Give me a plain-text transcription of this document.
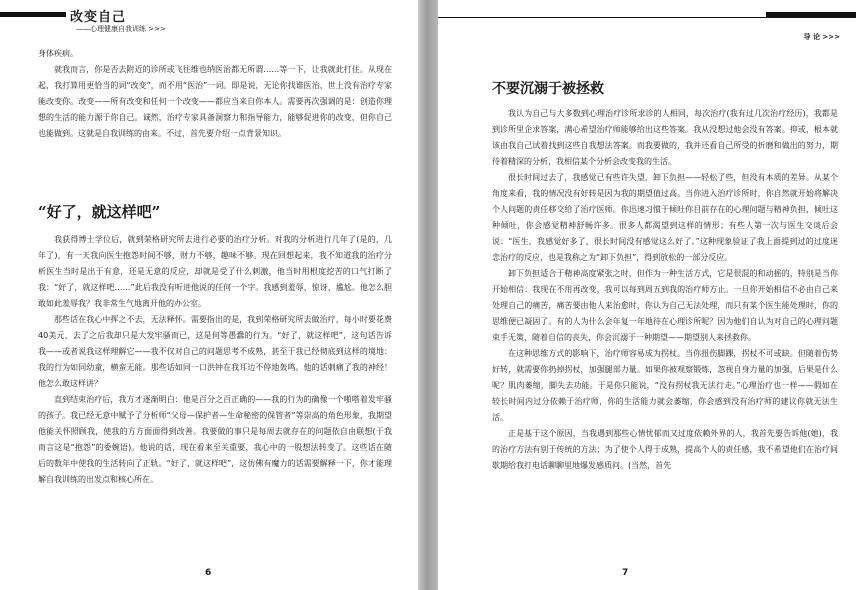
改变自己
——心理健康自我训练 >>>

身体疾病。

就我而言，你是否去附近的诊所或飞往维也纳医治都无所谓……等一下，让我就此打住。从现在起，我打算用更恰当的词“改变”，而不用“医治”一词。即是说，无论你找谁医治，世上没有治疗专家能改变你。改变——所有改变和任何一个改变——都应当来自你本人。需要再次强调的是：创造你理想的生活的能力源于你自己。诚然，治疗专家具备洞察力和指导能力，能够促进你的改变，但你自己也能做到。这就是自我训练的由来。不过，首先要介绍一点背景知识。

“好了，就这样吧”

我获得博士学位后，就到荣格研究所去进行必要的治疗分析。对我的分析进行几年了(是的，几年了)，有一天我向医生抱怨时间不够，财力不够，趣味不够。现在回想起来，我不知道我的治疗分析医生当时是出于有意，还是无意的反应，却就是受了什么刺激，他当时用根度挖苦的口气打断了我：“好了，就这样吧……”此后我没有听进他说的任何一个字。我感到羞辱、惊讶、尴尬。他怎么胆敢如此羞辱我？我非常生气地离开他的办公室。

那些话在我心中挥之不去，无法释怀。需要指出的是，我到荣格研究所去做治疗，每小时要花费40美元，去了之后我却只是大发牢骚而已，这是何等愚蠢的行为。“好了，就这样吧”，这句话告诉我——或者说我这样理解它——我不仅对自己的问题思考不成熟，甚至于我已经彻底到这样的境地：我的行为如同幼童，横蛮无能。那些话如同一口洪钟在我耳边不停地轰鸣。他的话刺痛了我的神经！他怎么敢这样讲？

直到结束治疗后，我方才逐渐明白：他是百分之百正确的——我的行为的确像一个啪嗒着发牢骚的孩子。我已经无意中赋予了分析师“父母—保护者—生命秘密的保管者”等崇高的角色形象，我期望他能关怀照顾我，使我的方方面面得到改善。我要做的事只是每周去就存在的问题依自由联想(于我而言这是“抱怨”的委婉语)。他说的话，现在看来至关重要，我心中的一股想法转变了。这些话在随后的数年中使我的生活转向了正轨。“好了，就这样吧”，这仿佛有魔力的话需要解释一下，你才能理解自我训练的出发点和核心所在。

6
导 论 >>>
不要沉溺于被拯救

我认为自己与大多数到心理治疗诊所求诊的人相同，每次治疗(我有过几次治疗经历)，我都是到诊所里企求答案，满心希望治疗师能够给出这些答案。我从没想过他会没有答案。抑或，根本就该由我自己试着找到这些自我想法答案。而我要做的，我并还看自己所受的折磨和做出的努力，期待着精深的分析，我相信某个分析会改变我的生活。

很长时间过去了，我感觉已有些许失望，卸下负担——轻松了些，但没有本质的差异。从某个角度来看，我的情况没有好转是因为我的期望值过高。当你进入治疗诊所时，你自然就开始将解决个人问题的责任移交给了治疗医师。你迅速习惯于倾吐你目前存在的心理问题与精神负担，倾吐这种倾吐，你会感觉精神舒畅许多。很多人都渴望到这样的情形；有些人第一次与医生交谈后会说：“医生，我感觉好多了，很长时间没有感觉这么好了。”这种现象验证了我上面提到过的过度迷恋治疗的反应，也是我称之为“卸下负担”，得到放松的一部分反应。

卸下负担适合于精神高度紧张之时，但作为一种生活方式，它是很混的和动摇的，特别是当你开始相信：我现在不用再改变，我可以每到周五到我的治疗师方止。一旦你开始相信不必由自己来处理自己的痛苦，痛苦要由他人来治愈时，你认为自己无法处理，而只有某个医生能处理时，你的思维便已凝固了。有的人为什么会年复一年地待在心理诊所呢？因为他们自认为对自己的心理问题束手无策，随着自信的丧失，你会沉溺于一种期望——期望别人来拯救你。

在这种思维方式的影响下，治疗师容易成为拐杖。当你扭伤脚踝，拐杖不可或缺。但随着伤势好转，就需要你扔掉拐杖，加强腿部力量。如果你被观察锻炼，忽视自身力量的加强，后果是什么呢？肌肉萎缩，脚失去功能。于是你只能说，“没有拐杖我无法行走。”心理治疗也一样——假如在较长时间内过分依赖于治疗师，你的生活能力就会萎缩，你会感到没有治疗师的建议你就无法生活。

正是基于这个原因，当我遇到那些心情忧郁而又过度依赖外界的人，我首先要告诉他(她)，我的治疗方法有别于传统的方法；为了使个人得于成熟，提高个人的责任感，我不希望他们在治疗间歇期给我打电话聊聊里地爆发感质问。(当然，首先

7
